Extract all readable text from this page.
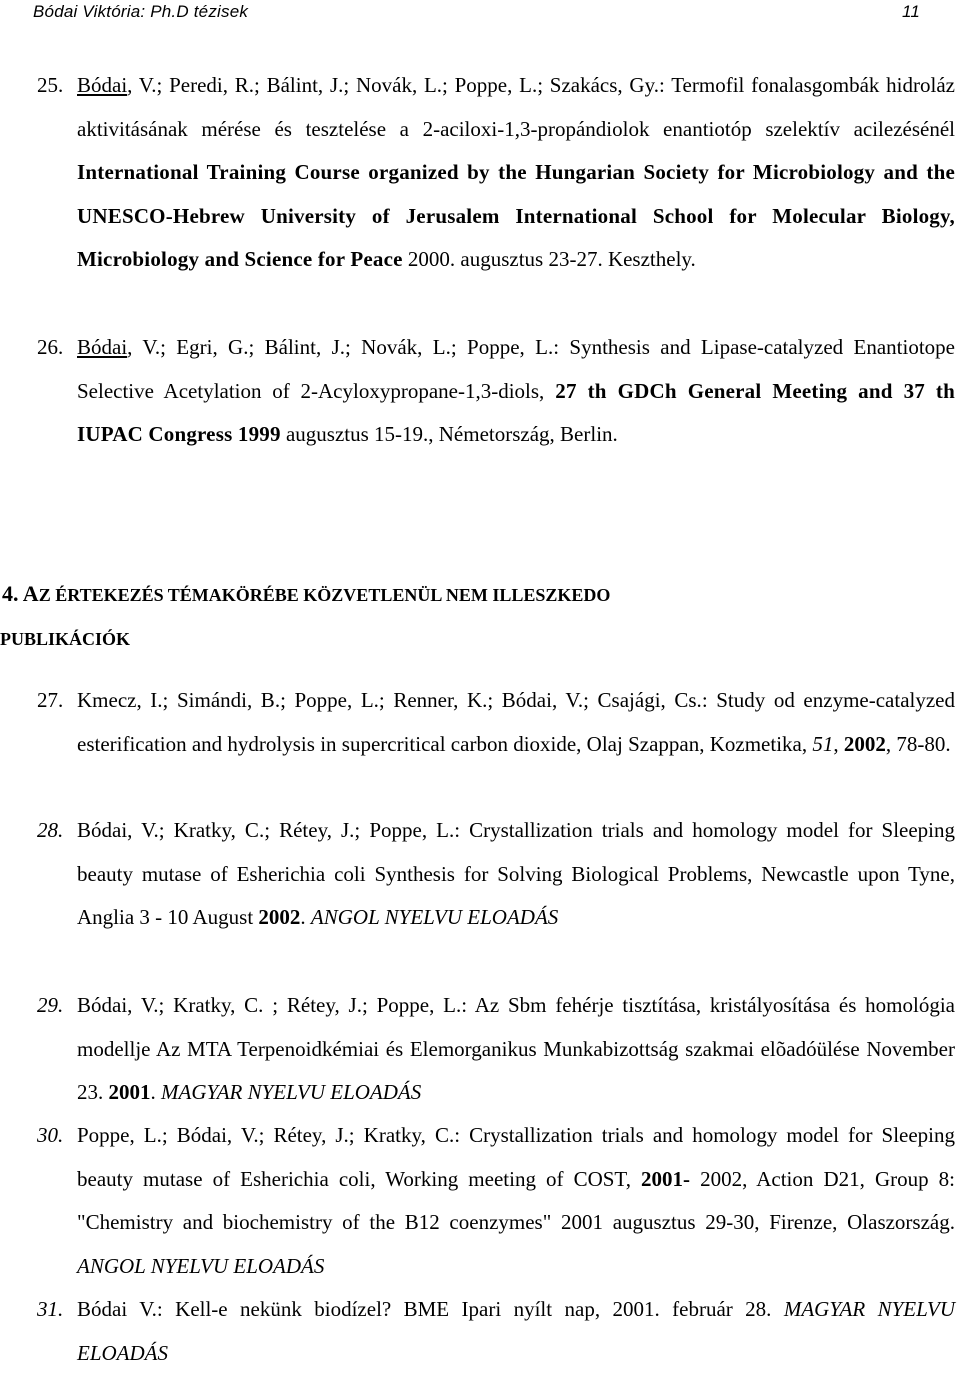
Bódai Viktória: Ph.D tézisek	11
25. Bódai, V.; Peredi, R.; Bálint, J.; Novák, L.; Poppe, L.; Szakács, Gy.: Termofil fonalasgombák hidroláz aktivitásának mérése és tesztelése a 2-aciloxi-1,3-propándiolok enantiotóp szelektív acilezésénél International Training Course organized by the Hungarian Society for Microbiology and the UNESCO-Hebrew University of Jerusalem International School for Molecular Biology, Microbiology and Science for Peace 2000. augusztus 23-27. Keszthely.
26. Bódai, V.; Egri, G.; Bálint, J.; Novák, L.; Poppe, L.: Synthesis and Lipase-catalyzed Enantiotope Selective Acetylation of 2-Acyloxypropane-1,3-diols, 27 th GDCh General Meeting and 37 th IUPAC Congress 1999 augusztus 15-19., Németország, Berlin.
4. AZ ÉRTEKEZÉS TÉMAKÖRÉBE KÖZVETLENÜL NEM ILLESZKEDO
PUBLIKÁCIÓK
27. Kmecz, I.; Simándi, B.; Poppe, L.; Renner, K.; Bódai, V.; Csajági, Cs.: Study od enzyme-catalyzed esterification and hydrolysis in supercritical carbon dioxide, Olaj Szappan, Kozmetika, 51, 2002, 78-80.
28. Bódai, V.; Kratky, C.; Rétey, J.; Poppe, L.: Crystallization trials and homology model for Sleeping beauty mutase of Esherichia coli Synthesis for Solving Biological Problems, Newcastle upon Tyne, Anglia 3 - 10 August 2002. ANGOL NYELVU ELOADÁS
29. Bódai, V.; Kratky, C. ; Rétey, J.; Poppe, L.: Az Sbm fehérje tisztítása, kristályosítása és homológia modellje Az MTA Terpenoidkémiai és Elemorganikus Munkabizottság szakmai elõadóülése November 23. 2001. MAGYAR NYELVU ELOADÁS
30. Poppe, L.; Bódai, V.; Rétey, J.; Kratky, C.: Crystallization trials and homology model for Sleeping beauty mutase of Esherichia coli, Working meeting of COST, 2001- 2002, Action D21, Group 8: "Chemistry and biochemistry of the B12 coenzymes" 2001 augusztus 29-30, Firenze, Olaszország. ANGOL NYELVU ELOADÁS
31. Bódai V.: Kell-e nekünk biodízel? BME Ipari nyílt nap, 2001. február 28. MAGYAR NYELVU ELOADÁS
